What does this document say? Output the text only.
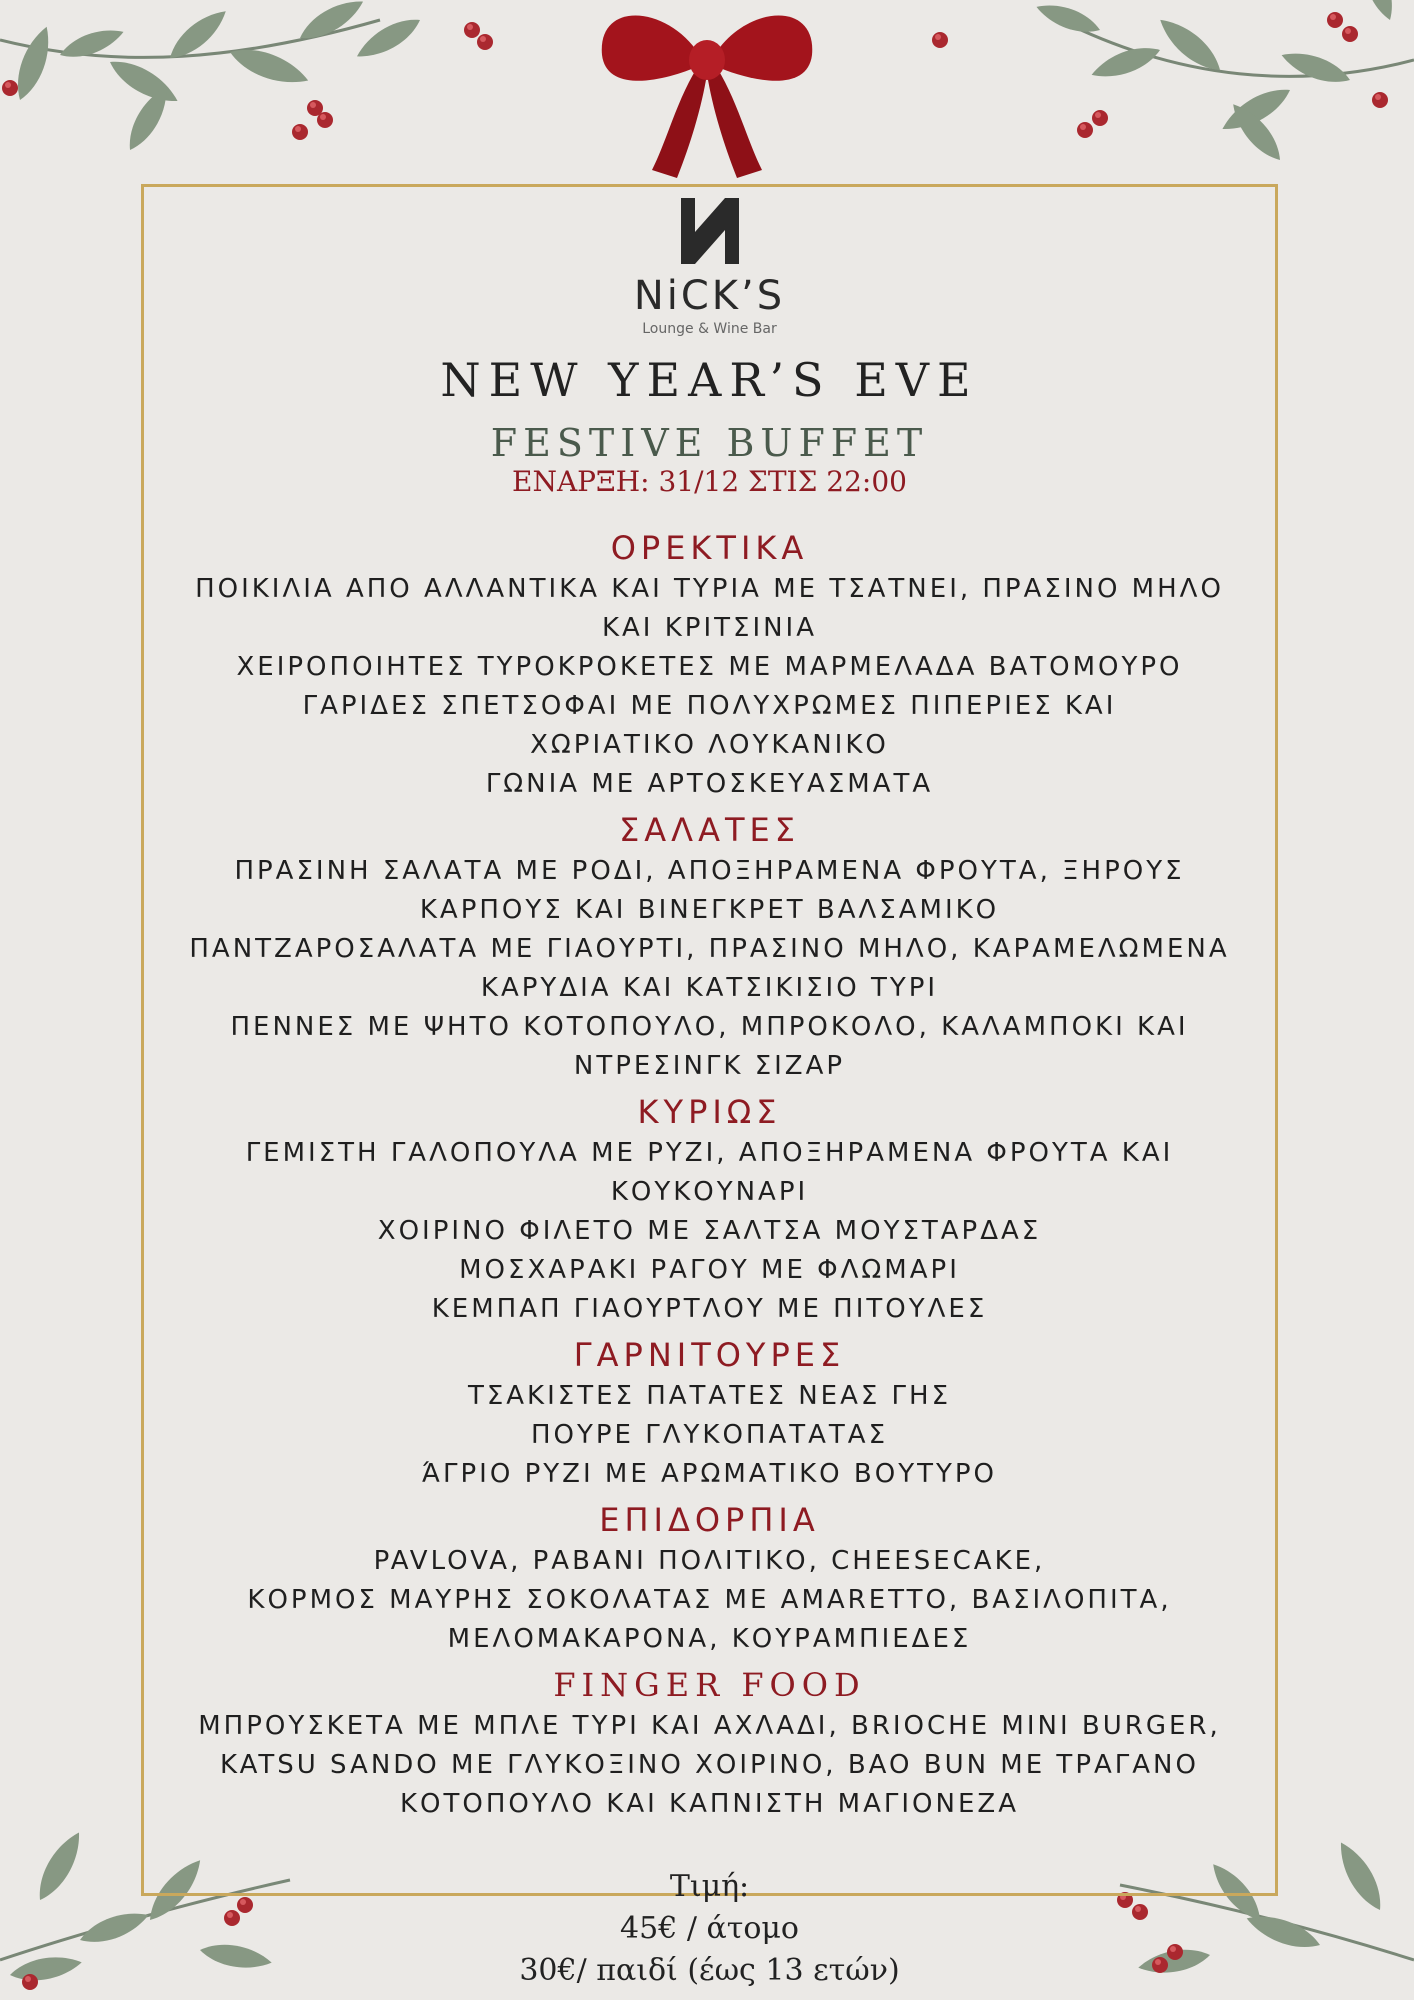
NiCK’S
Lounge & Wine Bar
NEW YEAR’S EVE
FESTIVE BUFFET
ΕΝΑΡΞΗ: 31/12 ΣΤΙΣ 22:00
ΟΡΕΚΤΙΚΑ
ΠΟΙΚΙΛΙΑ ΑΠΟ ΑΛΛΑΝΤΙΚΑ ΚΑΙ ΤΥΡΙΑ ΜΕ ΤΣΑΤΝΕΙ, ΠΡΑΣΙΝΟ ΜΗΛΟ
ΚΑΙ ΚΡΙΤΣΙΝΙΑ
ΧΕΙΡΟΠΟΙΗΤΕΣ ΤΥΡΟΚΡΟΚΕΤΕΣ ΜΕ ΜΑΡΜΕΛΑΔΑ ΒΑΤΟΜΟΥΡΟ
ΓΑΡΙΔΕΣ ΣΠΕΤΣΟΦΑΙ ΜΕ ΠΟΛΥΧΡΩΜΕΣ ΠΙΠΕΡΙΕΣ ΚΑΙ
ΧΩΡΙΑΤΙΚΟ ΛΟΥΚΑΝΙΚΟ
ΓΩΝΙΑ ΜΕ ΑΡΤΟΣΚΕΥΑΣΜΑΤΑ
ΣΑΛΑΤΕΣ
ΠΡΑΣΙΝΗ ΣΑΛΑΤΑ ΜΕ ΡΟΔΙ, ΑΠΟΞΗΡΑΜΕΝΑ ΦΡΟΥΤΑ, ΞΗΡΟΥΣ
ΚΑΡΠΟΥΣ ΚΑΙ ΒΙΝΕΓΚΡΕΤ ΒΑΛΣΑΜΙΚΟ
ΠΑΝΤΖΑΡΟΣΑΛΑΤΑ ΜΕ ΓΙΑΟΥΡΤΙ, ΠΡΑΣΙΝΟ ΜΗΛΟ, ΚΑΡΑΜΕΛΩΜΕΝΑ
ΚΑΡΥΔΙΑ ΚΑΙ ΚΑΤΣΙΚΙΣΙΟ ΤΥΡΙ
ΠΕΝΝΕΣ ΜΕ ΨΗΤΟ ΚΟΤΟΠΟΥΛΟ, ΜΠΡΟΚΟΛΟ, ΚΑΛΑΜΠΟΚΙ ΚΑΙ
ΝΤΡΕΣΙΝΓΚ ΣΙΖΑΡ
ΚΥΡΙΩΣ
ΓΕΜΙΣΤΗ ΓΑΛΟΠΟΥΛΑ ΜΕ ΡΥΖΙ, ΑΠΟΞΗΡΑΜΕΝΑ ΦΡΟΥΤΑ ΚΑΙ
ΚΟΥΚΟΥΝΑΡΙ
ΧΟΙΡΙΝΟ ΦΙΛΕΤΟ ΜΕ ΣΑΛΤΣΑ ΜΟΥΣΤΑΡΔΑΣ
ΜΟΣΧΑΡΑΚΙ ΡΑΓΟΥ ΜΕ ΦΛΩΜΑΡΙ
ΚΕΜΠΑΠ ΓΙΑΟΥΡΤΛΟΥ ΜΕ ΠΙΤΟΥΛΕΣ
ΓΑΡΝΙΤΟΥΡΕΣ
ΤΣΑΚΙΣΤΕΣ ΠΑΤΑΤΕΣ ΝΕΑΣ ΓΗΣ
ΠΟΥΡΕ ΓΛΥΚΟΠΑΤΑΤΑΣ
ΆΓΡΙΟ ΡΥΖΙ ΜΕ ΑΡΩΜΑΤΙΚΟ ΒΟΥΤΥΡΟ
ΕΠΙΔΟΡΠΙΑ
PAVLOVA, ΡΑΒΑΝΙ ΠΟΛΙΤΙΚΟ, CHEESECAKE,
ΚΟΡΜΟΣ ΜΑΥΡΗΣ ΣΟΚΟΛΑΤΑΣ ΜΕ AMARETTO, ΒΑΣΙΛΟΠΙΤΑ,
ΜΕΛΟΜΑΚΑΡΟΝΑ, ΚΟΥΡΑΜΠΙΕΔΕΣ
FINGER FOOD
ΜΠΡΟΥΣΚΕΤΑ ΜΕ ΜΠΛΕ ΤΥΡΙ ΚΑΙ ΑΧΛΑΔΙ, BRIOCHE MINI BURGER,
KATSU SANDO ΜΕ ΓΛΥΚΟΞΙΝΟ ΧΟΙΡΙΝΟ, BAO BUN ΜΕ ΤΡΑΓΑΝΟ
ΚΟΤΟΠΟΥΛΟ ΚΑΙ ΚΑΠΝΙΣΤΗ ΜΑΓΙΟΝΕΖΑ
Τιμή:
45€ / άτομο
30€/ παιδί (έως 13 ετών)
